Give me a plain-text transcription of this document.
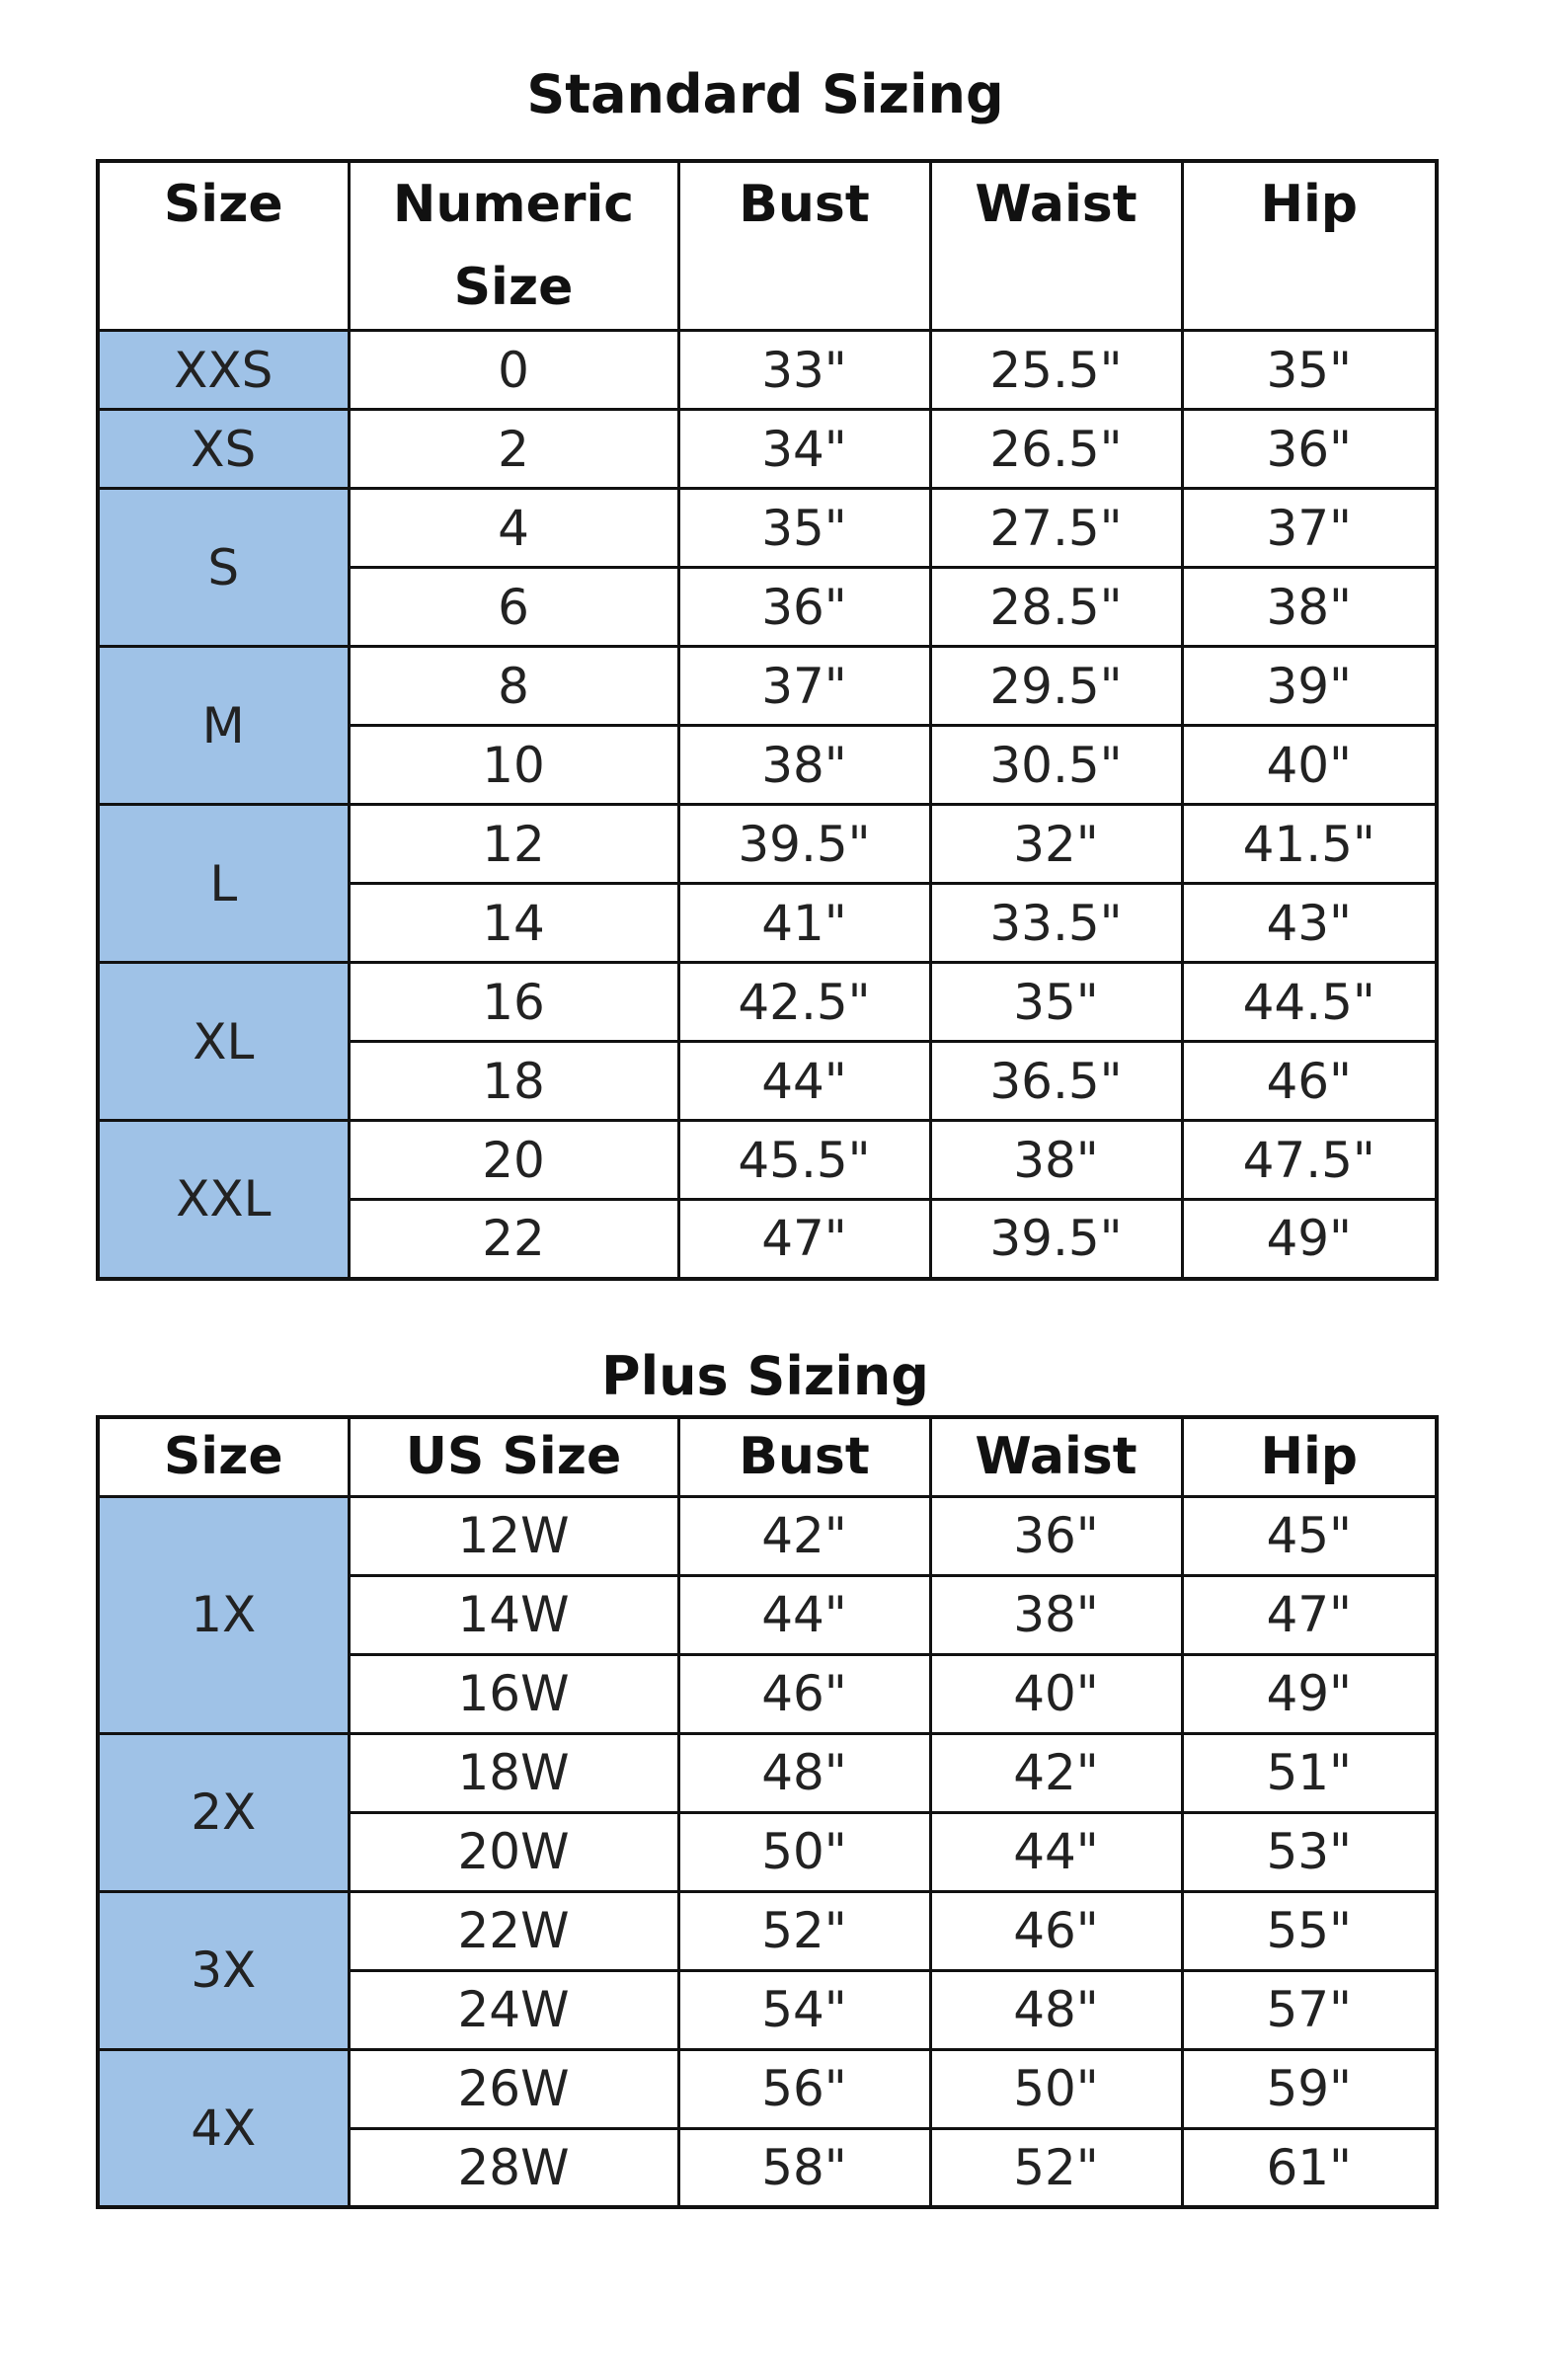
Standard Sizing
Size	Numeric Size	Bust	Waist	Hip
XXS	0	33"	25.5"	35"
XS	2	34"	26.5"	36"
S	4	35"	27.5"	37"
	6	36"	28.5"	38"
M	8	37"	29.5"	39"
	10	38"	30.5"	40"
L	12	39.5"	32"	41.5"
	14	41"	33.5"	43"
XL	16	42.5"	35"	44.5"
	18	44"	36.5"	46"
XXL	20	45.5"	38"	47.5"
	22	47"	39.5"	49"
Plus Sizing
Size	US Size	Bust	Waist	Hip
1X	12W	42"	36"	45"
	14W	44"	38"	47"
	16W	46"	40"	49"
2X	18W	48"	42"	51"
	20W	50"	44"	53"
3X	22W	52"	46"	55"
	24W	54"	48"	57"
4X	26W	56"	50"	59"
	28W	58"	52"	61"
